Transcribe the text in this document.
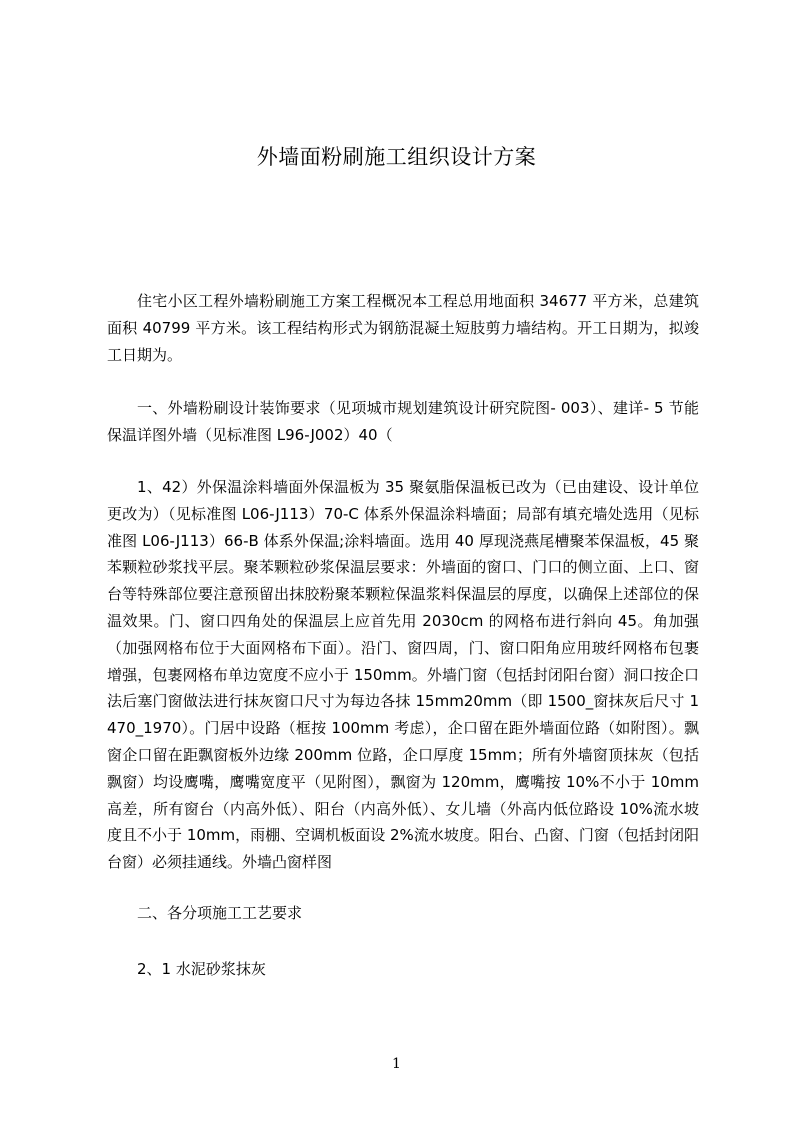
外墙面粉刷施工组织设计方案

住宅小区工程外墙粉刷施工方案工程概况本工程总用地面积 34677 平方米，总建筑面积 40799 平方米。该工程结构形式为钢筋混凝土短肢剪力墙结构。开工日期为，拟竣工日期为。

一、外墙粉刷设计装饰要求（见项城市规划建筑设计研究院图- 003）、建详- 5 节能保温详图外墙（见标准图 L96-J002）40（

1、42）外保温涂料墙面外保温板为 35 聚氨脂保温板已改为（已由建设、设计单位更改为）（见标准图 L06-J113）70-C 体系外保温涂料墙面；局部有填充墙处选用（见标准图 L06-J113）66-B 体系外保温;涂料墙面。选用 40 厚现浇燕尾槽聚苯保温板，45 聚苯颗粒砂浆找平层。聚苯颗粒砂浆保温层要求：外墙面的窗口、门口的侧立面、上口、窗台等特殊部位要注意预留出抹胶粉聚苯颗粒保温浆料保温层的厚度，以确保上述部位的保温效果。门、窗口四角处的保温层上应首先用 2030cm 的网格布进行斜向 45。角加强（加强网格布位于大面网格布下面）。沿门、窗四周，门、窗口阳角应用玻纤网格布包裹增强，包裹网格布单边宽度不应小于 150mm。外墙门窗（包括封闭阳台窗）洞口按企口法后塞门窗做法进行抹灰窗口尺寸为每边各抹 15mm20mm（即 1500_窗抹灰后尺寸 1470_1970）。门居中设路（框按 100mm 考虑），企口留在距外墙面位路（如附图）。飘窗企口留在距飘窗板外边缘 200mm 位路，企口厚度 15mm；所有外墙窗顶抹灰（包括飘窗）均设鹰嘴，鹰嘴宽度平（见附图），飘窗为 120mm，鹰嘴按 10%不小于 10mm 高差，所有窗台（内高外低）、阳台（内高外低）、女儿墙（外高内低位路设 10%流水坡度且不小于 10mm，雨棚、空调机板面设 2%流水坡度。阳台、凸窗、门窗（包括封闭阳台窗）必须挂通线。外墙凸窗样图

二、各分项施工工艺要求
2、1 水泥砂浆抹灰
1
